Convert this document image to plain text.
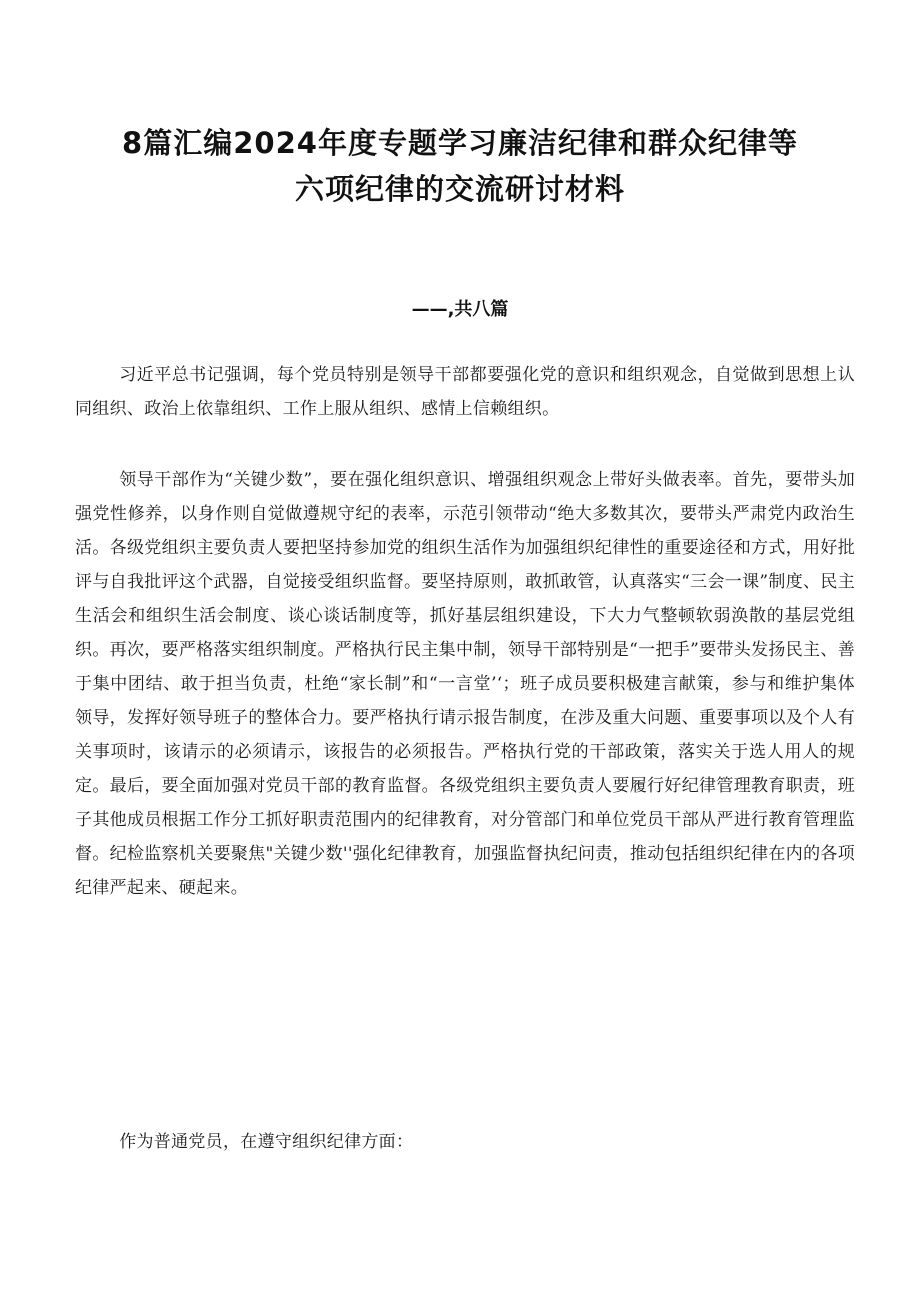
8篇汇编2024年度专题学习廉洁纪律和群众纪律等
六项纪律的交流研讨材料
——,共八篇

习近平总书记强调，每个党员特别是领导干部都要强化党的意识和组织观念，自觉做到思想上认同组织、政治上依靠组织、工作上服从组织、感情上信赖组织。

领导干部作为“关键少数”，要在强化组织意识、增强组织观念上带好头做表率。首先，要带头加强党性修养，以身作则自觉做遵规守纪的表率，示范引领带动“绝大多数其次，要带头严肃党内政治生活。各级党组织主要负责人要把坚持参加党的组织生活作为加强组织纪律性的重要途径和方式，用好批评与自我批评这个武器，自觉接受组织监督。要坚持原则，敢抓敢管，认真落实“三会一课”制度、民主生活会和组织生活会制度、谈心谈话制度等，抓好基层组织建设，下大力气整顿软弱涣散的基层党组织。再次，要严格落实组织制度。严格执行民主集中制，领导干部特别是“一把手”要带头发扬民主、善于集中团结、敢于担当负责，杜绝“家长制”和“一言堂’‘；班子成员要积极建言献策，参与和维护集体领导，发挥好领导班子的整体合力。要严格执行请示报告制度，在涉及重大问题、重要事项以及个人有关事项时，该请示的必须请示，该报告的必须报告。严格执行党的干部政策，落实关于选人用人的规定。最后，要全面加强对党员干部的教育监督。各级党组织主要负责人要履行好纪律管理教育职责，班子其他成员根据工作分工抓好职责范围内的纪律教育，对分管部门和单位党员干部从严进行教育管理监督。纪检监察机关要聚焦"关键少数''强化纪律教育，加强监督执纪问责，推动包括组织纪律在内的各项纪律严起来、硬起来。

作为普通党员，在遵守组织纪律方面：
